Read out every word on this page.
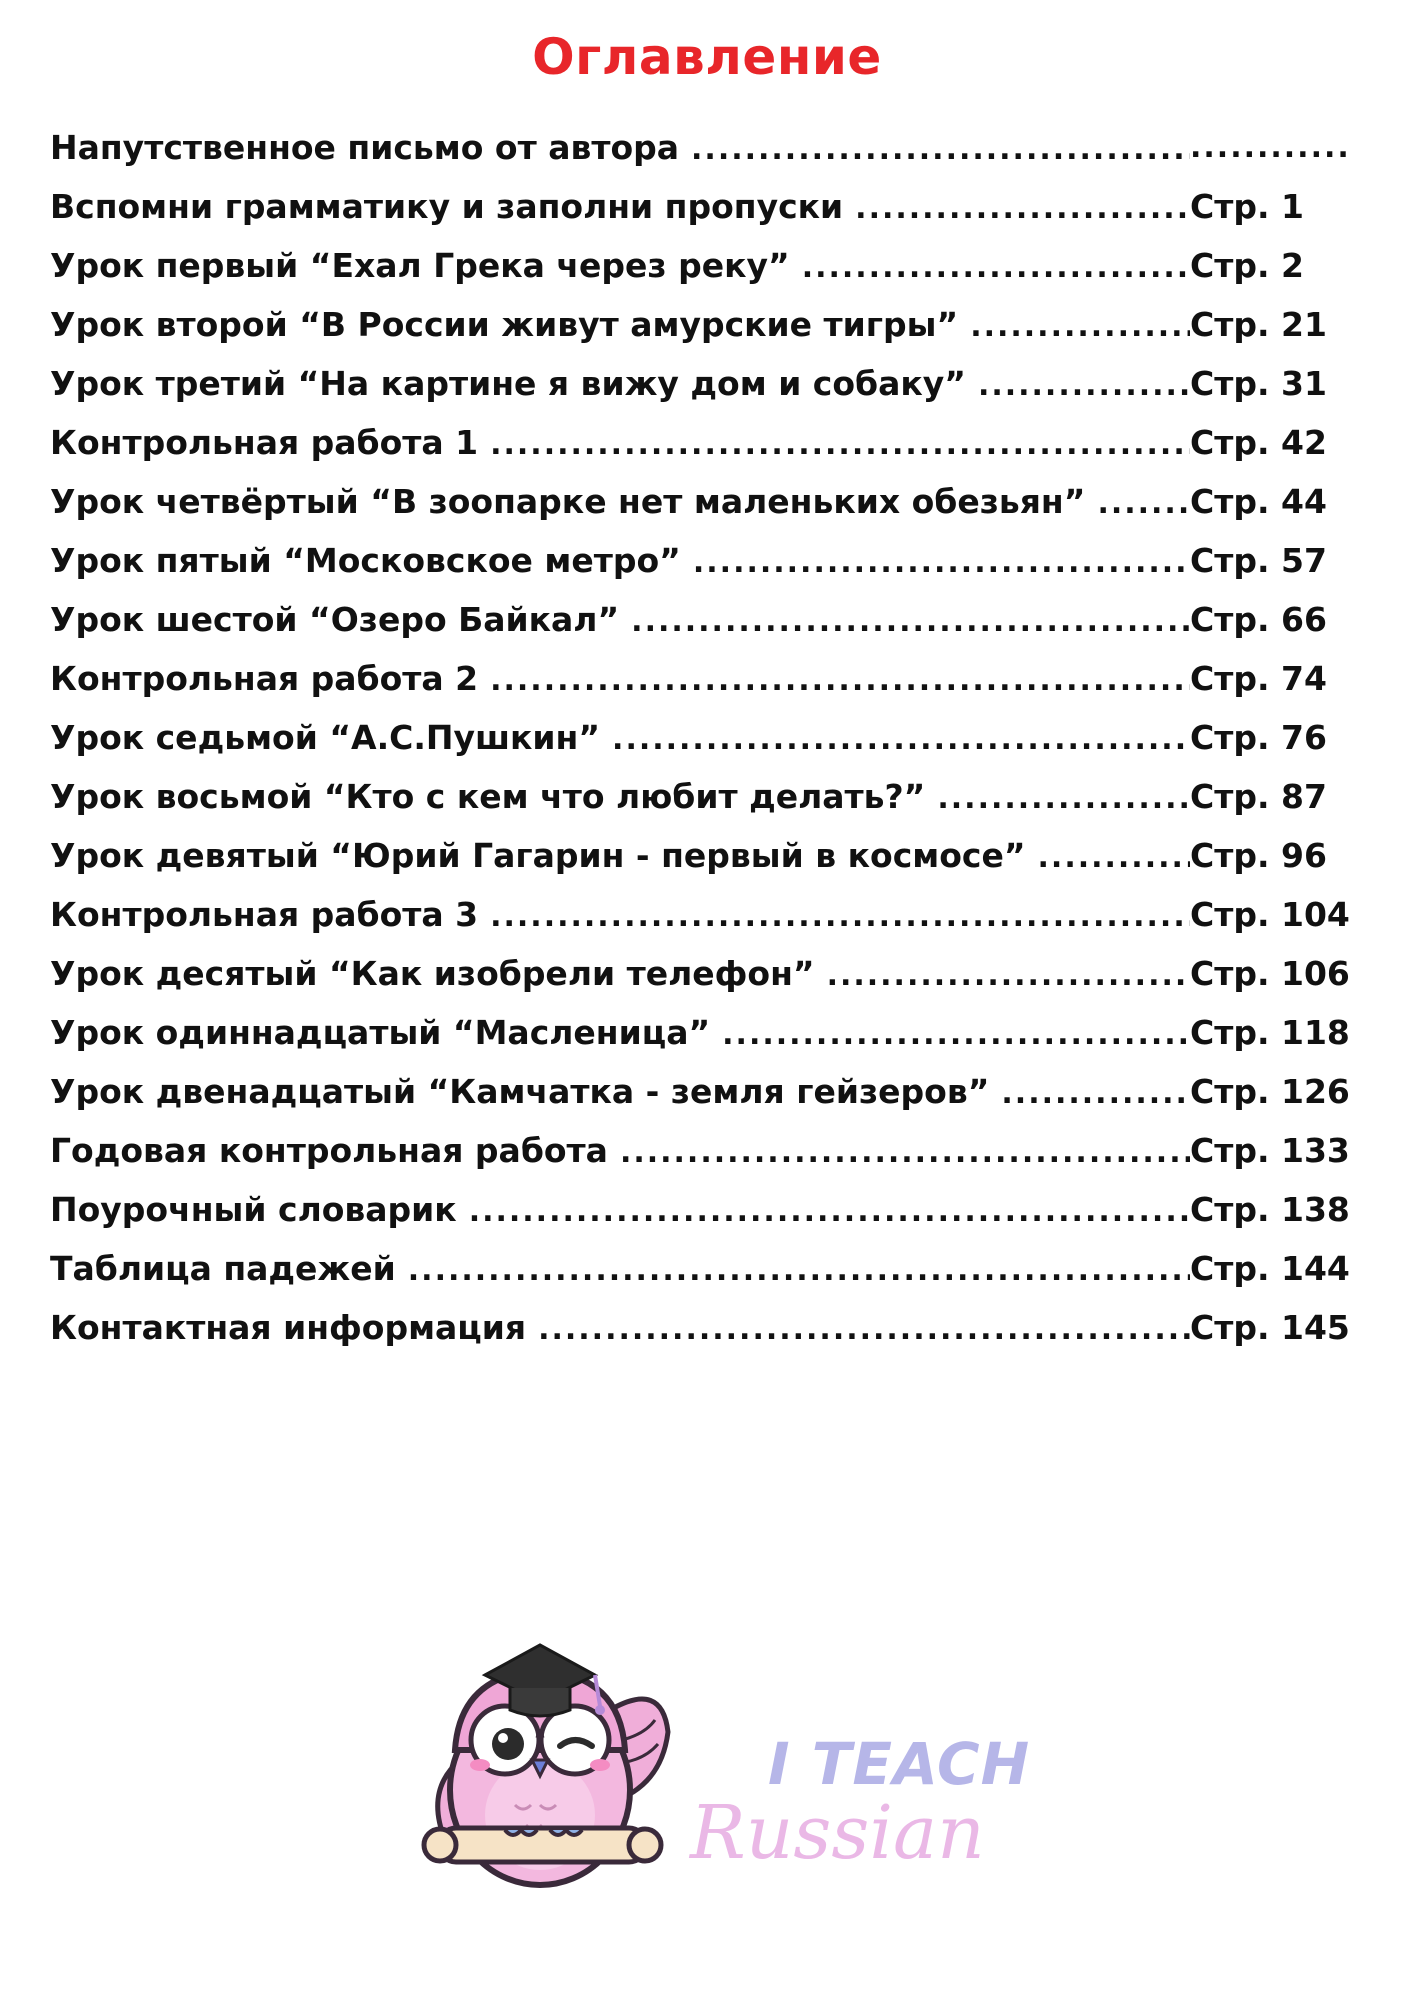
Оглавление
Напутственное письмо от автора .....	............
Вспомни грамматику и заполни пропуски .....	Стр. 1
Урок первый “Ехал Грека через реку” .....	Стр. 2
Урок второй “В России живут амурские тигры” .....	Стр. 21
Урок третий “На картине я вижу дом и собаку” .....	Стр. 31
Контрольная работа 1 .....	Стр. 42
Урок четвёртый “В зоопарке нет маленьких обезьян” .....	Стр. 44
Урок пятый “Московское метро” .....	Стр. 57
Урок шестой “Озеро Байкал” .....	Стр. 66
Контрольная работа 2 .....	Стр. 74
Урок седьмой “А.С.Пушкин” .....	Стр. 76
Урок восьмой “Кто с кем что любит делать?” .....	Стр. 87
Урок девятый “Юрий Гагарин - первый в космосе” .....	Стр. 96
Контрольная работа 3 .....	Стр. 104
Урок десятый “Как изобрели телефон” .....	Стр. 106
Урок одиннадцатый “Масленица” .....	Стр. 118
Урок двенадцатый “Камчатка - земля гейзеров” .....	Стр. 126
Годовая контрольная работа .....	Стр. 133
Поурочный словарик .....	Стр. 138
Таблица падежей .....	Стр. 144
Контактная информация .....	Стр. 145
I TEACH
Russian
